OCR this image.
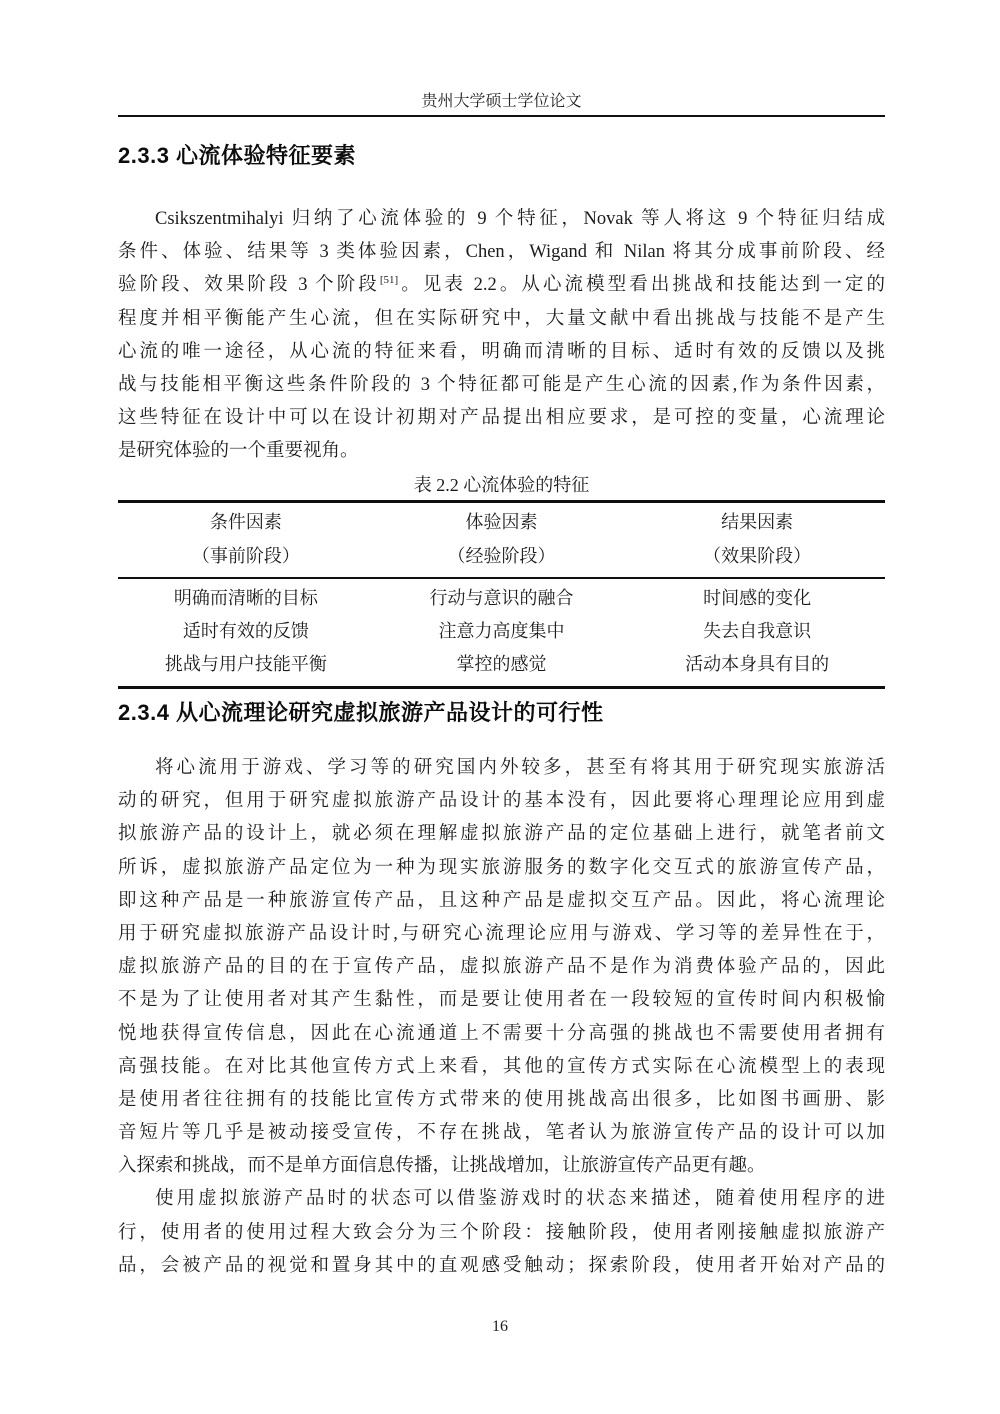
贵州大学硕士学位论文
2.3.3 心流体验特征要素
Csikszentmihalyi 归纳了心流体验的 9 个特征，Novak 等人将这 9 个特征归结成
条件、体验、结果等 3 类体验因素，Chen，Wigand 和 Nilan 将其分成事前阶段、经
验阶段、效果阶段 3 个阶段[51]。见表 2.2。从心流模型看出挑战和技能达到一定的
程度并相平衡能产生心流，但在实际研究中，大量文献中看出挑战与技能不是产生
心流的唯一途径，从心流的特征来看，明确而清晰的目标、适时有效的反馈以及挑
战与技能相平衡这些条件阶段的 3 个特征都可能是产生心流的因素,作为条件因素，
这些特征在设计中可以在设计初期对产品提出相应要求，是可控的变量，心流理论
是研究体验的一个重要视角。
表 2.2 心流体验的特征
条件因素	体验因素	结果因素
（事前阶段）	（经验阶段）	（效果阶段）
明确而清晰的目标	行动与意识的融合	时间感的变化
适时有效的反馈	注意力高度集中	失去自我意识
挑战与用户技能平衡	掌控的感觉	活动本身具有目的
2.3.4 从心流理论研究虚拟旅游产品设计的可行性
将心流用于游戏、学习等的研究国内外较多，甚至有将其用于研究现实旅游活
动的研究，但用于研究虚拟旅游产品设计的基本没有，因此要将心理理论应用到虚
拟旅游产品的设计上，就必须在理解虚拟旅游产品的定位基础上进行，就笔者前文
所诉，虚拟旅游产品定位为一种为现实旅游服务的数字化交互式的旅游宣传产品，
即这种产品是一种旅游宣传产品，且这种产品是虚拟交互产品。因此，将心流理论
用于研究虚拟旅游产品设计时,与研究心流理论应用与游戏、学习等的差异性在于，
虚拟旅游产品的目的在于宣传产品，虚拟旅游产品不是作为消费体验产品的，因此
不是为了让使用者对其产生黏性，而是要让使用者在一段较短的宣传时间内积极愉
悦地获得宣传信息，因此在心流通道上不需要十分高强的挑战也不需要使用者拥有
高强技能。在对比其他宣传方式上来看，其他的宣传方式实际在心流模型上的表现
是使用者往往拥有的技能比宣传方式带来的使用挑战高出很多，比如图书画册、影
音短片等几乎是被动接受宣传，不存在挑战，笔者认为旅游宣传产品的设计可以加
入探索和挑战，而不是单方面信息传播，让挑战增加，让旅游宣传产品更有趣。
使用虚拟旅游产品时的状态可以借鉴游戏时的状态来描述，随着使用程序的进
行，使用者的使用过程大致会分为三个阶段：接触阶段，使用者刚接触虚拟旅游产
品，会被产品的视觉和置身其中的直观感受触动；探索阶段，使用者开始对产品的
16
